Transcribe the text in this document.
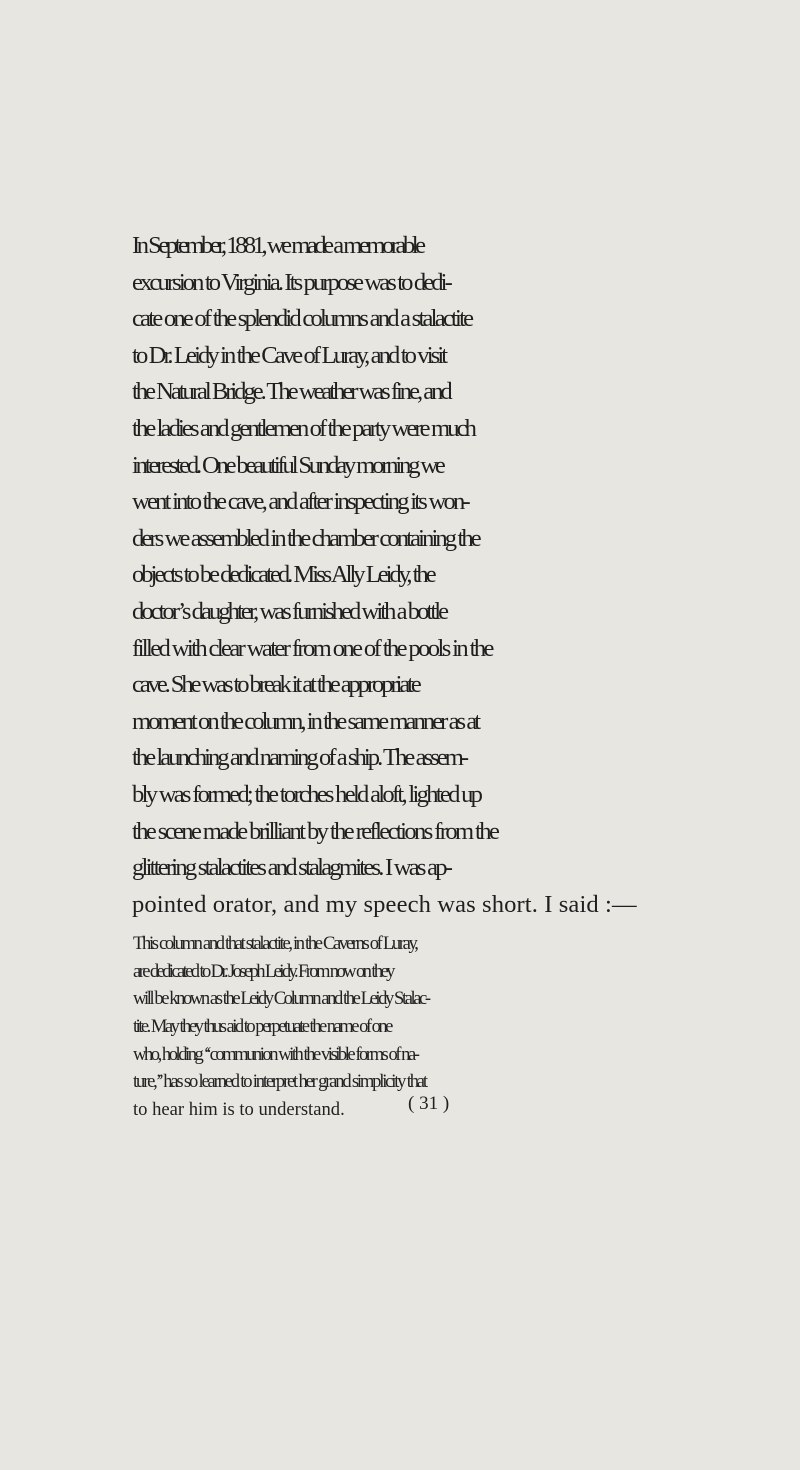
In September, 1881, we made a memorable
excursion to Virginia. Its purpose was to dedi-
cate one of the splendid columns and a stalactite
to Dr. Leidy in the Cave of Luray, and to visit
the Natural Bridge. The weather was fine, and
the ladies and gentlemen of the party were much
interested. One beautiful Sunday morning we
went into the cave, and after inspecting its won-
ders we assembled in the chamber containing the
objects to be dedicated. Miss Ally Leidy, the
doctor’s daughter, was furnished with a bottle
filled with clear water from one of the pools in the
cave. She was to break it at the appropriate
moment on the column, in the same manner as at
the launching and naming of a ship. The assem-
bly was formed; the torches held aloft, lighted up
the scene made brilliant by the reflections from the
glittering stalactites and stalagmites. I was ap-
pointed orator, and my speech was short. I said :—
This column and that stalactite, in the Caverns of Luray,
are dedicated to Dr. Joseph Leidy. From now on they
will be known as the Leidy Column and the Leidy Stalac-
tite. May they thus aid to perpetuate the name of one
who, holding ‘‘communion with the visible forms of na-
ture,’’ has so learned to interpret her grand simplicity that
to hear him is to understand.	( 31 )
